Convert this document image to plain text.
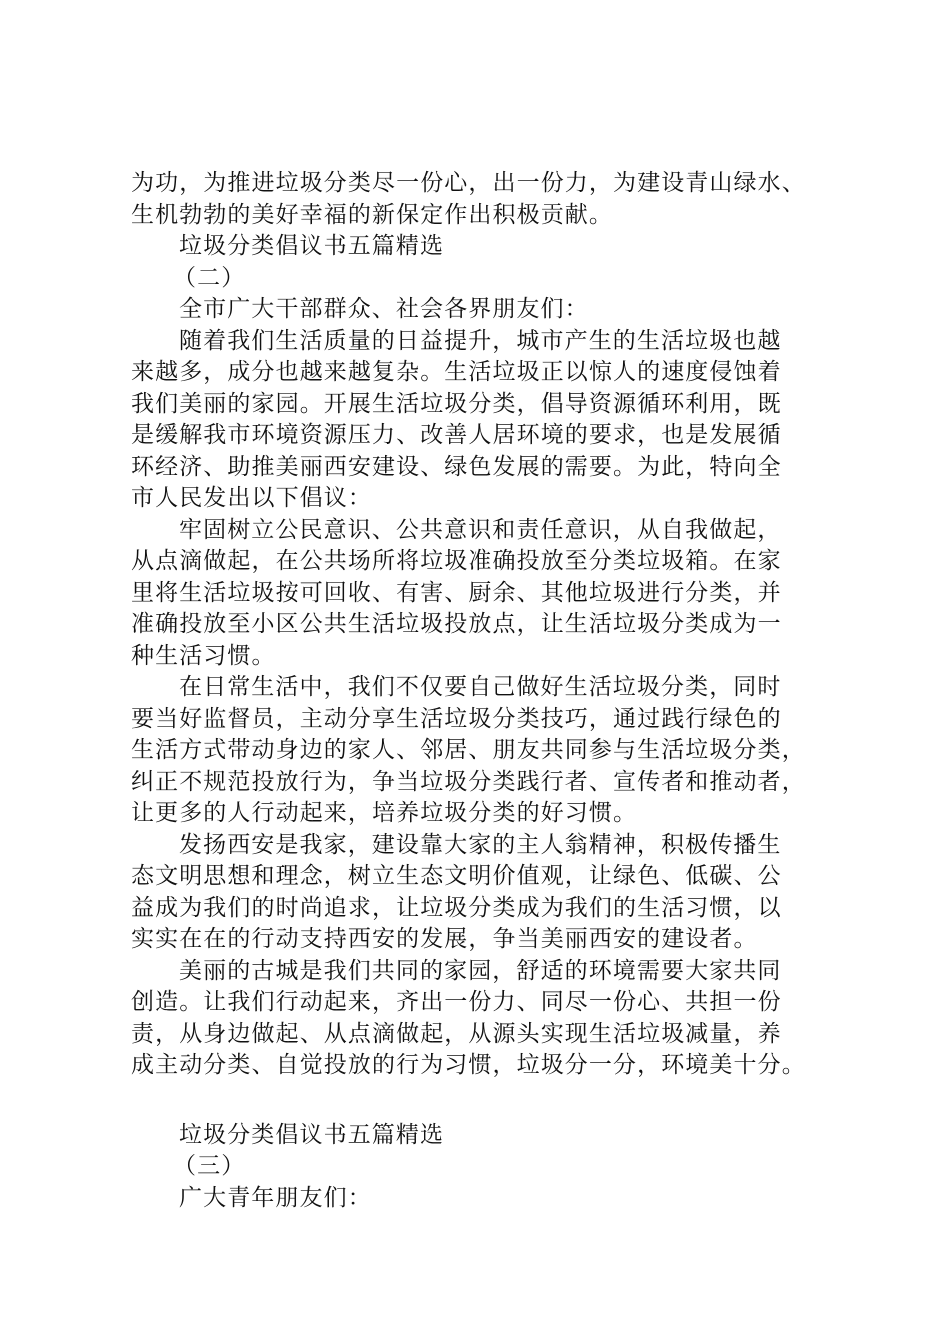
为功，为推进垃圾分类尽一份心，出一份力，为建设青山绿水、
生机勃勃的美好幸福的新保定作出积极贡献。
垃圾分类倡议书五篇精选
（二）
全市广大干部群众、社会各界朋友们：
随着我们生活质量的日益提升，城市产生的生活垃圾也越
来越多，成分也越来越复杂。生活垃圾正以惊人的速度侵蚀着
我们美丽的家园。开展生活垃圾分类，倡导资源循环利用，既
是缓解我市环境资源压力、改善人居环境的要求，也是发展循
环经济、助推美丽西安建设、绿色发展的需要。为此，特向全
市人民发出以下倡议：
牢固树立公民意识、公共意识和责任意识，从自我做起，
从点滴做起，在公共场所将垃圾准确投放至分类垃圾箱。在家
里将生活垃圾按可回收、有害、厨余、其他垃圾进行分类，并
准确投放至小区公共生活垃圾投放点，让生活垃圾分类成为一
种生活习惯。
在日常生活中，我们不仅要自己做好生活垃圾分类，同时
要当好监督员，主动分享生活垃圾分类技巧，通过践行绿色的
生活方式带动身边的家人、邻居、朋友共同参与生活垃圾分类，
纠正不规范投放行为，争当垃圾分类践行者、宣传者和推动者，
让更多的人行动起来，培养垃圾分类的好习惯。
发扬西安是我家，建设靠大家的主人翁精神，积极传播生
态文明思想和理念，树立生态文明价值观，让绿色、低碳、公
益成为我们的时尚追求，让垃圾分类成为我们的生活习惯，以
实实在在的行动支持西安的发展，争当美丽西安的建设者。
美丽的古城是我们共同的家园，舒适的环境需要大家共同
创造。让我们行动起来，齐出一份力、同尽一份心、共担一份
责，从身边做起、从点滴做起，从源头实现生活垃圾减量，养
成主动分类、自觉投放的行为习惯，垃圾分一分，环境美十分。
垃圾分类倡议书五篇精选
（三）
广大青年朋友们：
